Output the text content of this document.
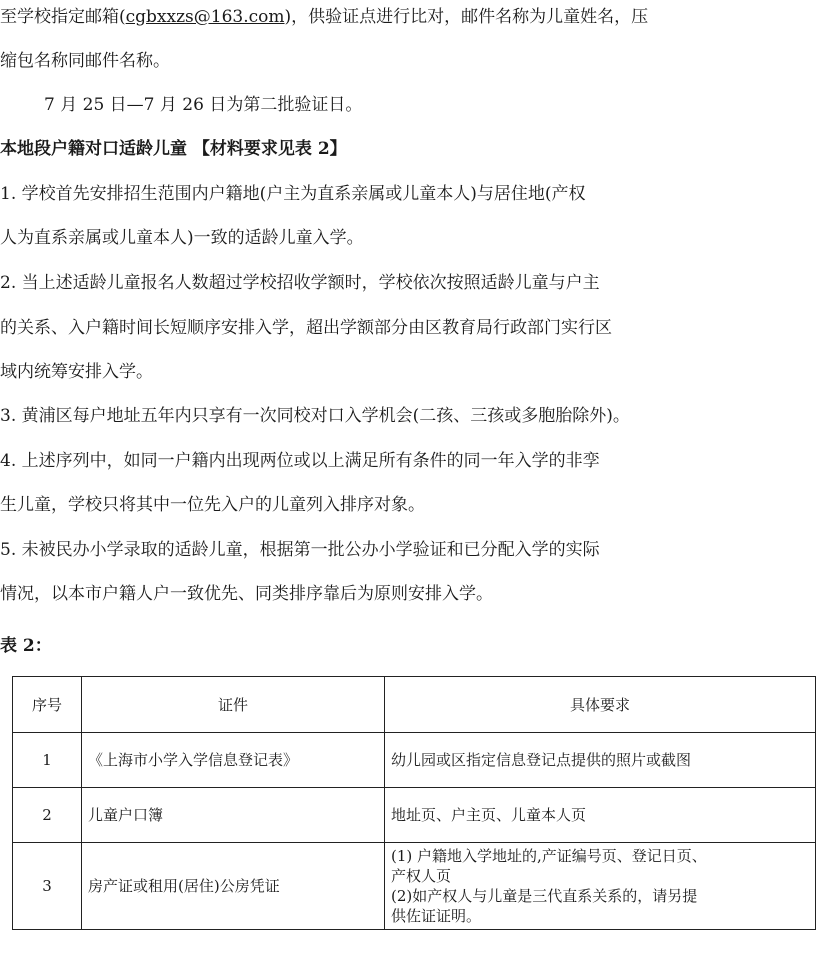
至学校指定邮箱(cgbxxzs@163.com)，供验证点进行比对，邮件名称为儿童姓名，压
缩包名称同邮件名称。
7 月 25 日—7 月 26 日为第二批验证日。
本地段户籍对口适龄儿童 【材料要求见表 2】
1. 学校首先安排招生范围内户籍地(户主为直系亲属或儿童本人)与居住地(产权
人为直系亲属或儿童本人)一致的适龄儿童入学。
2. 当上述适龄儿童报名人数超过学校招收学额时，学校依次按照适龄儿童与户主
的关系、入户籍时间长短顺序安排入学，超出学额部分由区教育局行政部门实行区
域内统筹安排入学。
3. 黄浦区每户地址五年内只享有一次同校对口入学机会(二孩、三孩或多胞胎除外)。
4. 上述序列中，如同一户籍内出现两位或以上满足所有条件的同一年入学的非孪
生儿童，学校只将其中一位先入户的儿童列入排序对象。
5. 未被民办小学录取的适龄儿童，根据第一批公办小学验证和已分配入学的实际
情况，以本市户籍人户一致优先、同类排序靠后为原则安排入学。
表 2：
序号	证件	具体要求
1	《上海市小学入学信息登记表》	幼儿园或区指定信息登记点提供的照片或截图
2	儿童户口簿	地址页、户主页、儿童本人页
3	房产证或租用(居住)公房凭证	(1) 户籍地入学地址的,产证编号页、登记日页、
产权人页
(2)如产权人与儿童是三代直系关系的，请另提
供佐证证明。
